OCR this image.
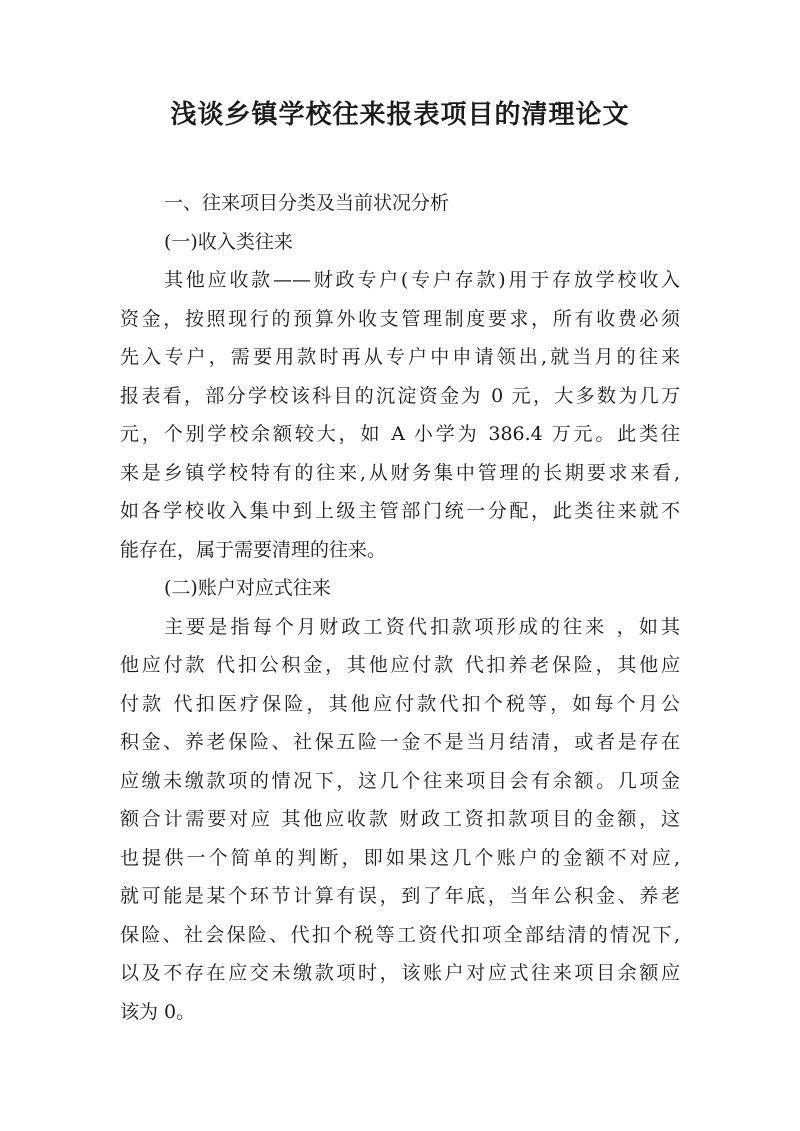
浅谈乡镇学校往来报表项目的清理论文
一、往来项目分类及当前状况分析
(一)收入类往来
其他应收款——财政专户(专户存款)用于存放学校收入
资金，按照现行的预算外收支管理制度要求，所有收费必须
先入专户，需要用款时再从专户中申请领出,就当月的往来
报表看，部分学校该科目的沉淀资金为 0 元，大多数为几万
元，个别学校余额较大，如 A 小学为 386.4 万元。此类往
来是乡镇学校特有的往来,从财务集中管理的长期要求来看,
如各学校收入集中到上级主管部门统一分配，此类往来就不
能存在，属于需要清理的往来。
(二)账户对应式往来
主要是指每个月财政工资代扣款项形成的往来 ，如其
他应付款 代扣公积金，其他应付款 代扣养老保险，其他应
付款 代扣医疗保险，其他应付款代扣个税等，如每个月公
积金、养老保险、社保五险一金不是当月结清，或者是存在
应缴未缴款项的情况下，这几个往来项目会有余额。几项金
额合计需要对应 其他应收款 财政工资扣款项目的金额，这
也提供一个简单的判断，即如果这几个账户的金额不对应,
就可能是某个环节计算有误，到了年底，当年公积金、养老
保险、社会保险、代扣个税等工资代扣项全部结清的情况下,
以及不存在应交未缴款项时，该账户对应式往来项目余额应
该为 0。
